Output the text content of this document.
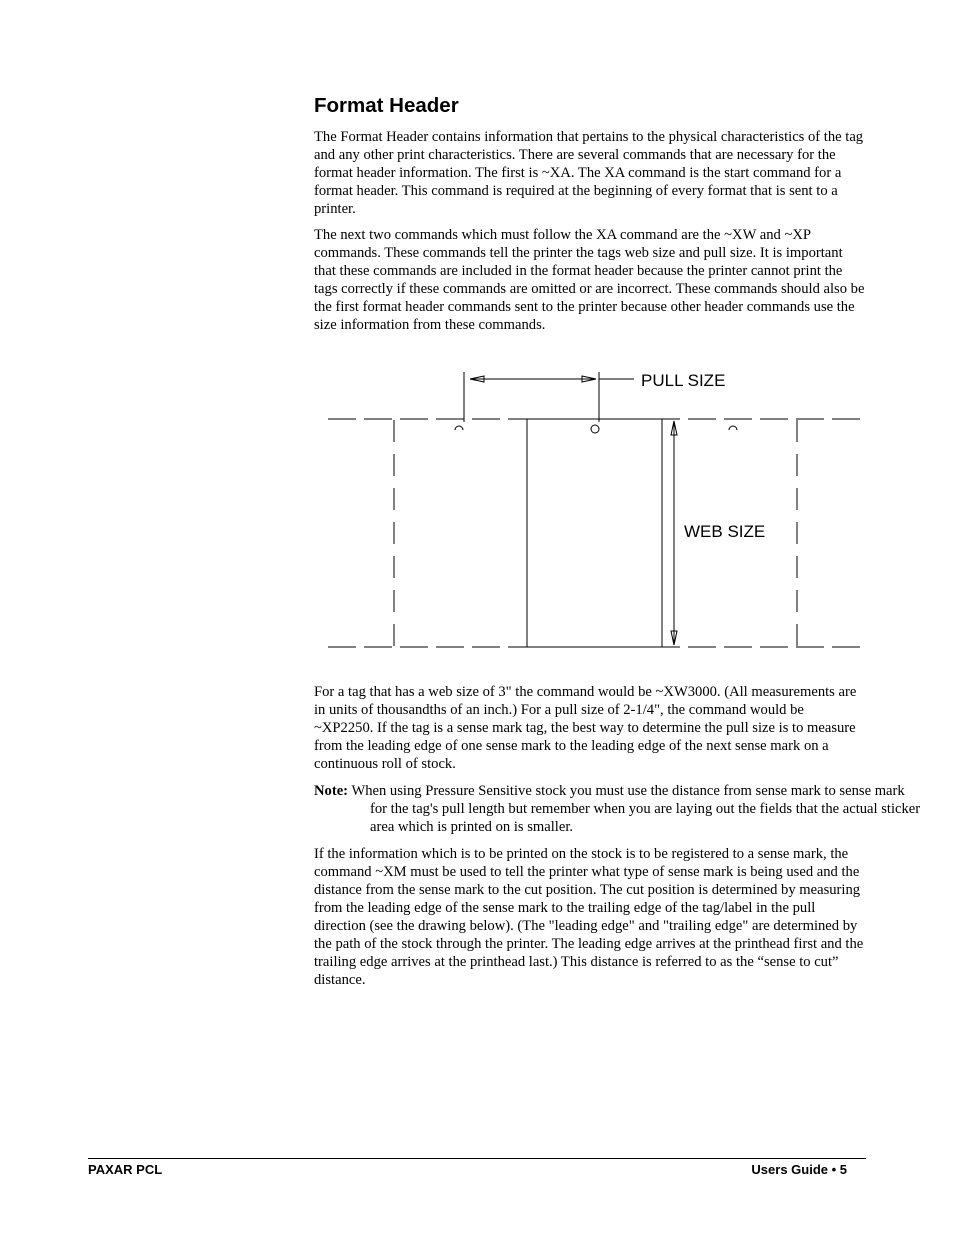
Format Header

The Format Header contains information that pertains to the physical characteristics of the tag and any other print characteristics. There are several commands that are necessary for the format header information. The first is ~XA. The XA command is the start command for a format header. This command is required at the beginning of every format that is sent to a printer.

The next two commands which must follow the XA command are the ~XW and ~XP commands. These commands tell the printer the tags web size and pull size. It is important that these commands are included in the format header because the printer cannot print the tags correctly if these commands are omitted or are incorrect. These commands should also be the first format header commands sent to the printer because other header commands use the size information from these commands.

PULL SIZE
WEB SIZE

For a tag that has a web size of 3" the command would be ~XW3000. (All measurements are in units of thousandths of an inch.) For a pull size of 2-1/4", the command would be ~XP2250. If the tag is a sense mark tag, the best way to determine the pull size is to measure from the leading edge of one sense mark to the leading edge of the next sense mark on a continuous roll of stock.

Note: When using Pressure Sensitive stock you must use the distance from sense mark to sense mark for the tag's pull length but remember when you are laying out the fields that the actual sticker area which is printed on is smaller.

If the information which is to be printed on the stock is to be registered to a sense mark, the command ~XM must be used to tell the printer what type of sense mark is being used and the distance from the sense mark to the cut position. The cut position is determined by measuring from the leading edge of the sense mark to the trailing edge of the tag/label in the pull direction (see the drawing below). (The "leading edge" and "trailing edge" are determined by the path of the stock through the printer. The leading edge arrives at the printhead first and the trailing edge arrives at the printhead last.) This distance is referred to as the “sense to cut” distance.

PAXAR PCL	Users Guide • 5
